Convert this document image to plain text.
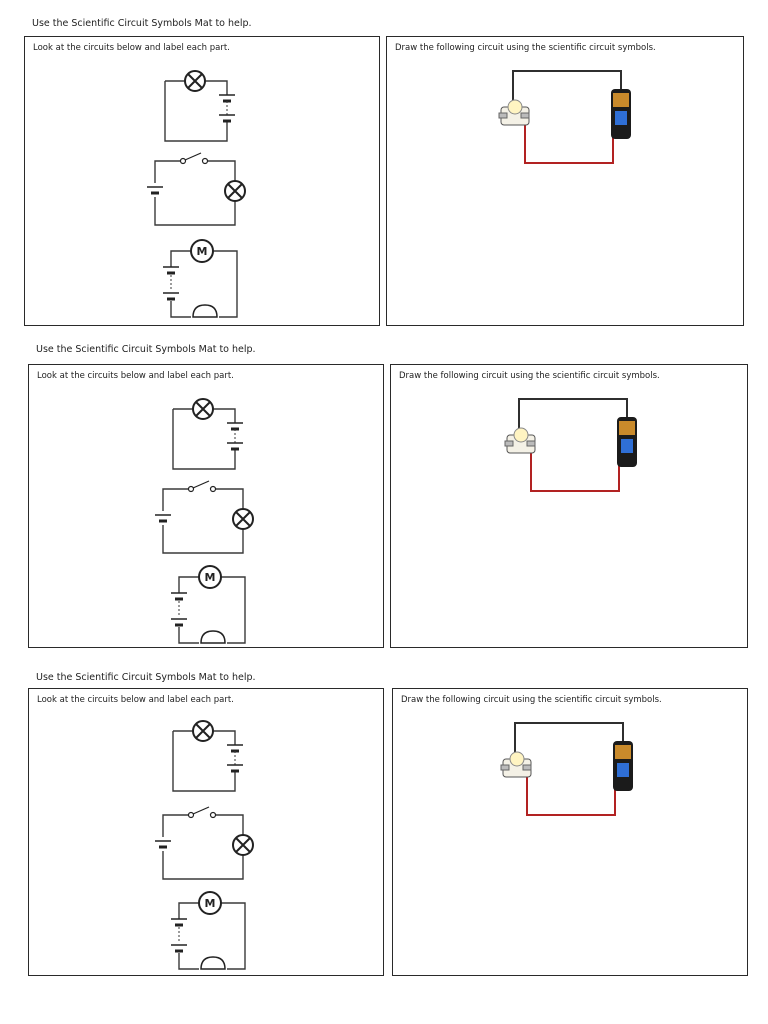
Use the Scientific Circuit Symbols Mat to help.
Look at the circuits below and label each part.
M
Draw the following circuit using the scientific circuit symbols.
Use the Scientific Circuit Symbols Mat to help.
Look at the circuits below and label each part.
M
Draw the following circuit using the scientific circuit symbols.
Use the Scientific Circuit Symbols Mat to help.
Look at the circuits below and label each part.
M
Draw the following circuit using the scientific circuit symbols.
